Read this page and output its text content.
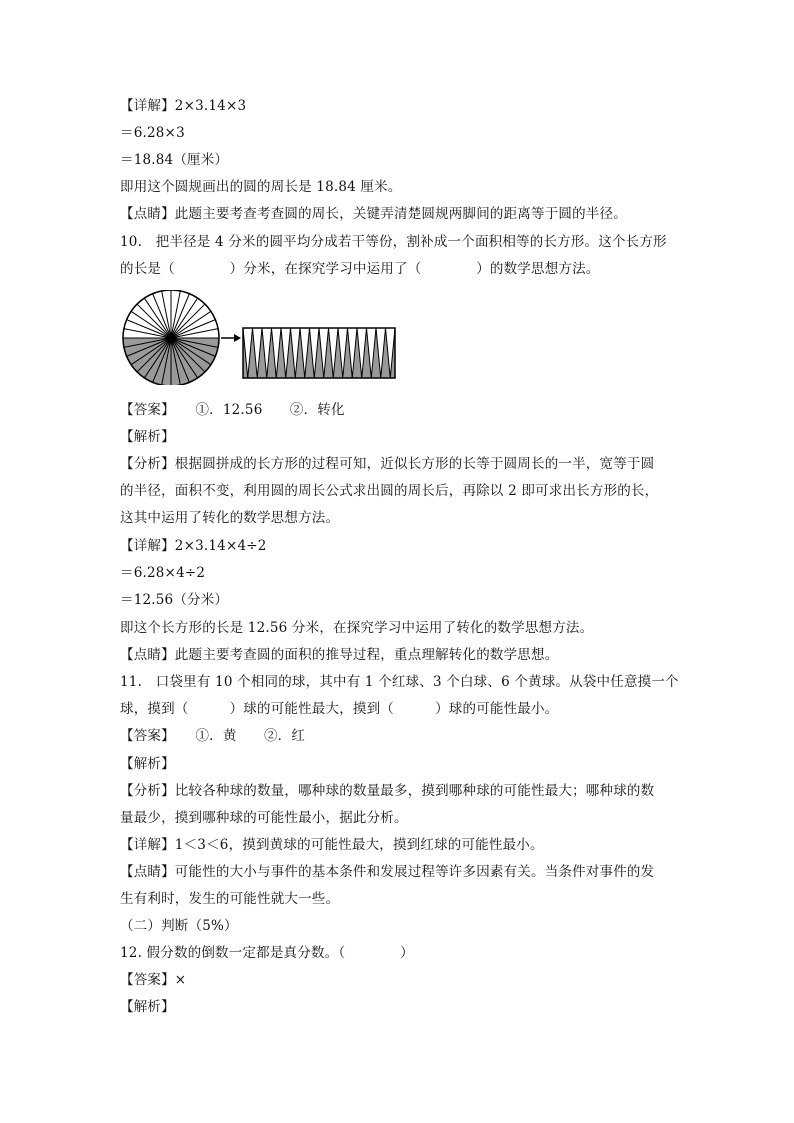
【详解】2×3.14×3
＝6.28×3
＝18.84（厘米）
即用这个圆规画出的圆的周长是 18.84 厘米。
【点睛】此题主要考查考查圆的周长，关键弄清楚圆规两脚间的距离等于圆的半径。
10.　把半径是 4 分米的圆平均分成若干等份，割补成一个面积相等的长方形。这个长方形
的长是（　　　　）分米，在探究学习中运用了（　　　　）的数学思想方法。
【答案】　　①．12.56　　②．转化
【解析】
【分析】根据圆拼成的长方形的过程可知，近似长方形的长等于圆周长的一半，宽等于圆
的半径，面积不变，利用圆的周长公式求出圆的周长后，再除以 2 即可求出长方形的长，
这其中运用了转化的数学思想方法。
【详解】2×3.14×4÷2
＝6.28×4÷2
＝12.56（分米）
即这个长方形的长是 12.56 分米，在探究学习中运用了转化的数学思想方法。
【点睛】此题主要考查圆的面积的推导过程，重点理解转化的数学思想。
11.　口袋里有 10 个相同的球，其中有 1 个红球、3 个白球、6 个黄球。从袋中任意摸一个
球，摸到（　　　）球的可能性最大，摸到（　　　）球的可能性最小。
【答案】　　①．黄　　②．红
【解析】
【分析】比较各种球的数量，哪种球的数量最多，摸到哪种球的可能性最大；哪种球的数
量最少，摸到哪种球的可能性最小，据此分析。
【详解】1＜3＜6，摸到黄球的可能性最大，摸到红球的可能性最小。
【点睛】可能性的大小与事件的基本条件和发展过程等许多因素有关。当条件对事件的发
生有利时，发生的可能性就大一些。
（二）判断（5%）
12. 假分数的倒数一定都是真分数。（　　　　）
【答案】×
【解析】
